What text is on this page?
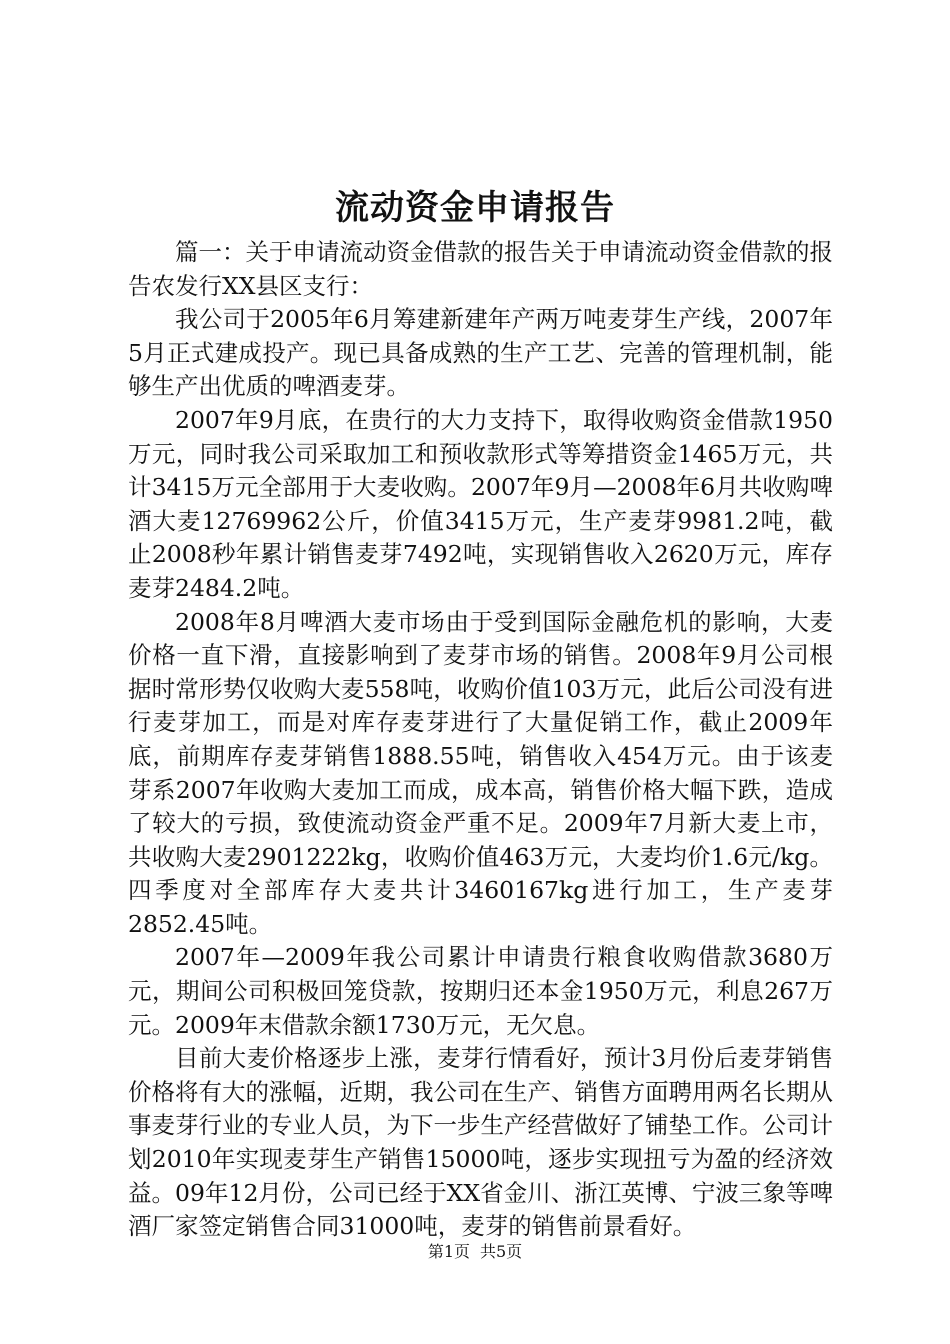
流动资金申请报告

篇一：关于申请流动资金借款的报告关于申请流动资金借款的报告农发行XX县区支行：

我公司于2005年6月筹建新建年产两万吨麦芽生产线，2007年5月正式建成投产。现已具备成熟的生产工艺、完善的管理机制，能够生产出优质的啤酒麦芽。

2007年9月底，在贵行的大力支持下，取得收购资金借款1950万元，同时我公司采取加工和预收款形式等筹措资金1465万元，共计3415万元全部用于大麦收购。2007年9月—2008年6月共收购啤酒大麦12769962公斤，价值3415万元，生产麦芽9981.2吨，截止2008秒年累计销售麦芽7492吨，实现销售收入2620万元，库存麦芽2484.2吨。

2008年8月啤酒大麦市场由于受到国际金融危机的影响，大麦价格一直下滑，直接影响到了麦芽市场的销售。2008年9月公司根据时常形势仅收购大麦558吨，收购价值103万元，此后公司没有进行麦芽加工，而是对库存麦芽进行了大量促销工作，截止2009年底，前期库存麦芽销售1888.55吨，销售收入454万元。由于该麦芽系2007年收购大麦加工而成，成本高，销售价格大幅下跌，造成了较大的亏损，致使流动资金严重不足。2009年7月新大麦上市，共收购大麦2901222kg，收购价值463万元，大麦均价1.6元/kg。四季度对全部库存大麦共计3460167kg进行加工，生产麦芽2852.45吨。

2007年—2009年我公司累计申请贵行粮食收购借款3680万元，期间公司积极回笼贷款，按期归还本金1950万元，利息267万元。2009年末借款余额1730万元，无欠息。

目前大麦价格逐步上涨，麦芽行情看好，预计3月份后麦芽销售价格将有大的涨幅，近期，我公司在生产、销售方面聘用两名长期从事麦芽行业的专业人员，为下一步生产经营做好了铺垫工作。公司计划2010年实现麦芽生产销售15000吨，逐步实现扭亏为盈的经济效益。09年12月份，公司已经于XX省金川、浙江英博、宁波三象等啤酒厂家签定销售合同31000吨，麦芽的销售前景看好。

第1页 共5页
